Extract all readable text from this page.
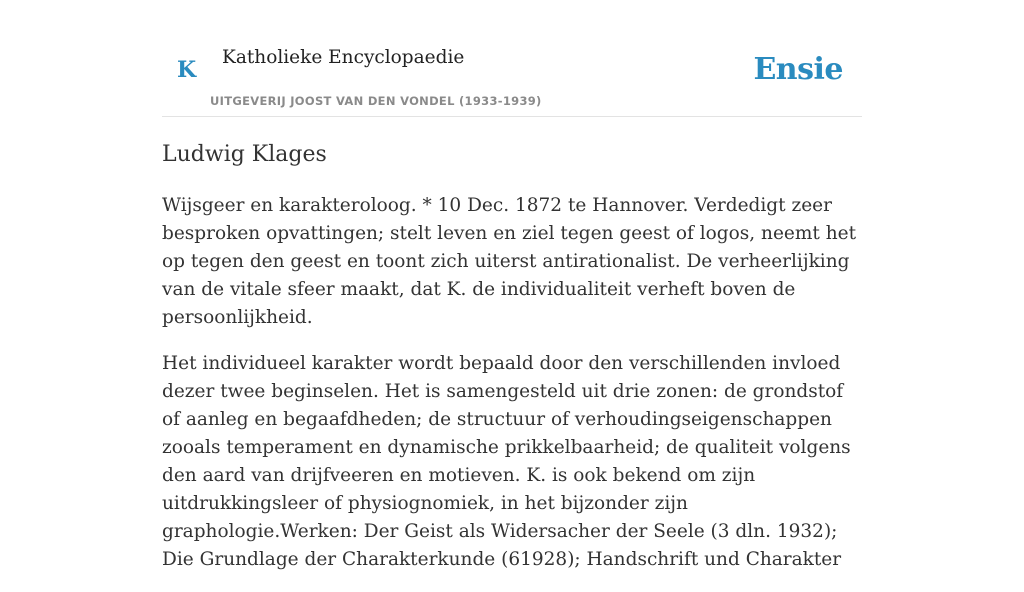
K Katholieke Encyclopaedie
UITGEVERIJ JOOST VAN DEN VONDEL (1933-1939)
Ensie
Ludwig Klages

Wijsgeer en karakteroloog. * 10 Dec. 1872 te Hannover. Verdedigt zeer besproken opvattingen; stelt leven en ziel tegen geest of logos, neemt het op tegen den geest en toont zich uiterst antirationalist. De verheerlijking van de vitale sfeer maakt, dat K. de individualiteit verheft boven de persoonlijkheid.

Het individueel karakter wordt bepaald door den verschillenden invloed dezer twee beginselen. Het is samengesteld uit drie zonen: de grondstof of aanleg en begaafdheden; de structuur of verhoudingseigenschappen zooals temperament en dynamische prikkelbaarheid; de qualiteit volgens den aard van drijfveeren en motieven. K. is ook bekend om zijn uitdrukkingsleer of physiognomiek, in het bijzonder zijn graphologie.Werken: Der Geist als Widersacher der Seele (3 dln. 1932); Die Grundlage der Charakterkunde (61928); Handschrift und Charakter
